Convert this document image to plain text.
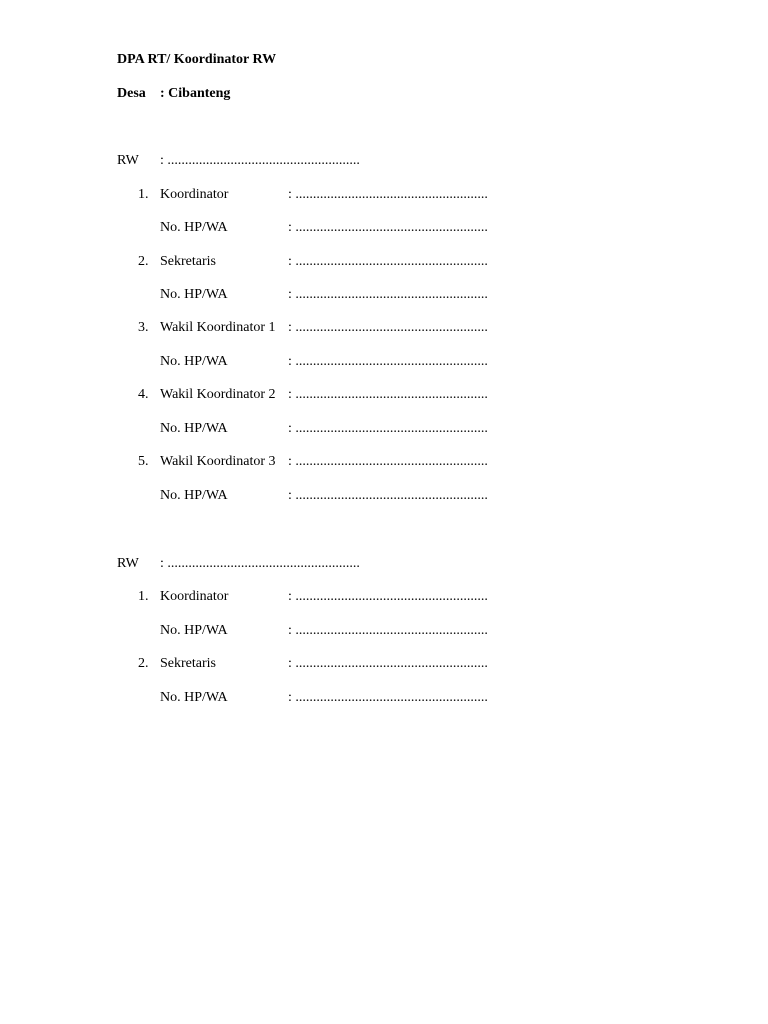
DPA RT/ Koordinator RW
Desa : Cibanteng
RW : .......................................................
1. Koordinator	: .......................................................
No. HP/WA	: .......................................................
2. Sekretaris	: .......................................................
No. HP/WA	: .......................................................
3. Wakil Koordinator 1 : .......................................................
No. HP/WA	: .......................................................
4. Wakil Koordinator 2 : .......................................................
No. HP/WA	: .......................................................
5. Wakil Koordinator 3 : .......................................................
No. HP/WA	: .......................................................
RW : .......................................................
1. Koordinator	: .......................................................
No. HP/WA	: .......................................................
2. Sekretaris	: .......................................................
No. HP/WA	: .......................................................
